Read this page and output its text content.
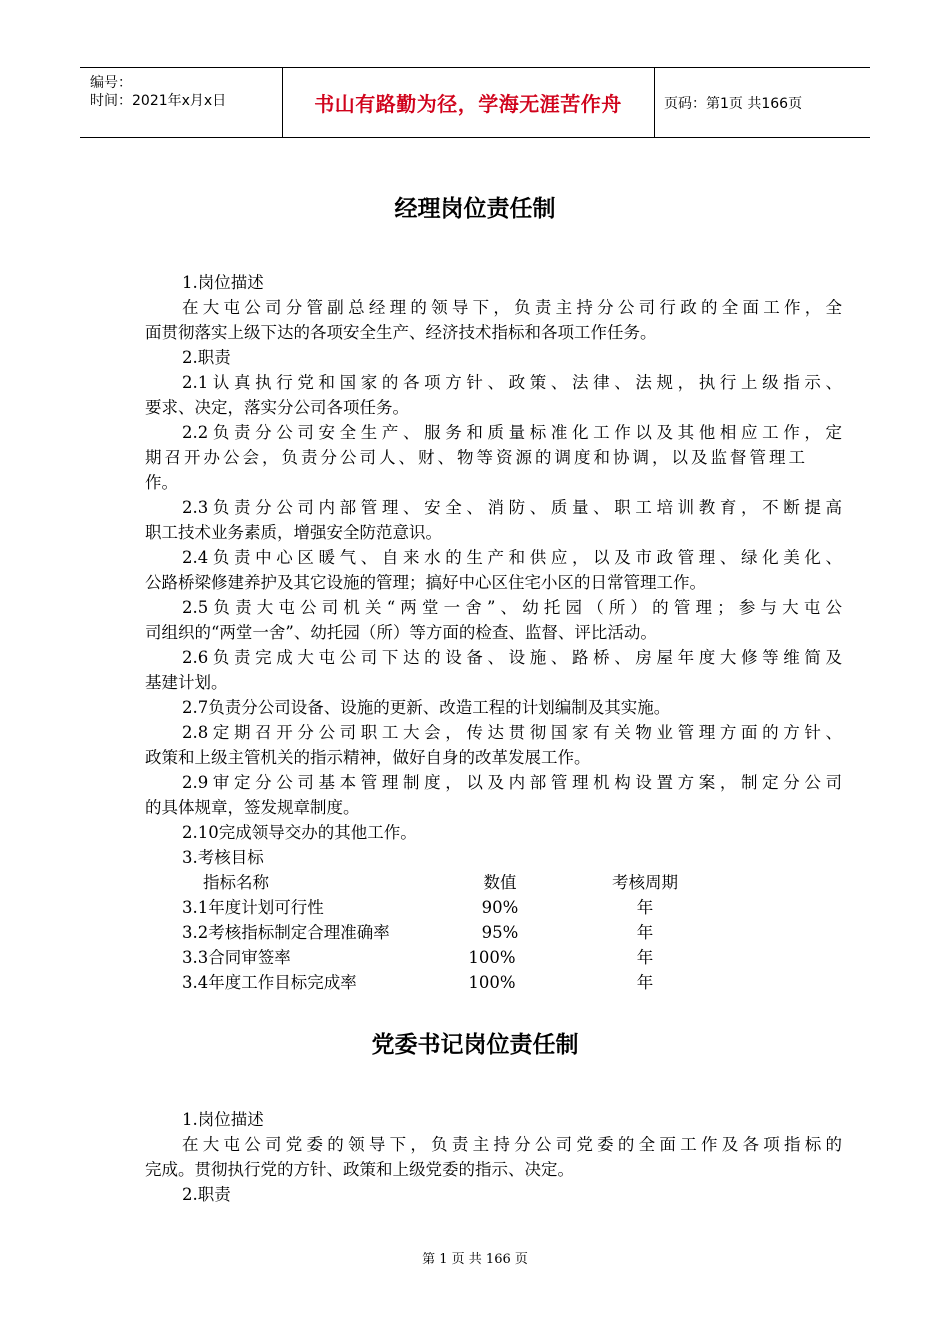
编号：
时间：2021年x月x日	书山有路勤为径，学海无涯苦作舟	页码：第1页 共166页
经理岗位责任制
1.岗位描述
在大屯公司分管副总经理的领导下，负责主持分公司行政的全面工作，全
面贯彻落实上级下达的各项安全生产、经济技术指标和各项工作任务。
2.职责
2.1认真执行党和国家的各项方针、政策、法律、法规，执行上级指示、
要求、决定，落实分公司各项任务。
2.2负责分公司安全生产、服务和质量标准化工作以及其他相应工作，定
期召开办公会，负责分公司人、财、物等资源的调度和协调，以及监督管理工
作。
2.3负责分公司内部管理、安全、消防、质量、职工培训教育，不断提高
职工技术业务素质，增强安全防范意识。
2.4负责中心区暖气、自来水的生产和供应，以及市政管理、绿化美化、
公路桥梁修建养护及其它设施的管理；搞好中心区住宅小区的日常管理工作。
2.5负责大屯公司机关“两堂一舍”、幼托园（所）的管理；参与大屯公
司组织的“两堂一舍”、幼托园（所）等方面的检查、监督、评比活动。
2.6负责完成大屯公司下达的设备、设施、路桥、房屋年度大修等维简及
基建计划。
2.7负责分公司设备、设施的更新、改造工程的计划编制及其实施。
2.8定期召开分公司职工大会，传达贯彻国家有关物业管理方面的方针、
政策和上级主管机关的指示精神，做好自身的改革发展工作。
2.9审定分公司基本管理制度，以及内部管理机构设置方案，制定分公司
的具体规章，签发规章制度。
2.10完成领导交办的其他工作。
3.考核目标
指标名称	数值	考核周期
3.1年度计划可行性	90%	年
3.2考核指标制定合理准确率	95%	年
3.3合同审签率	100%	年
3.4年度工作目标完成率	100%	年
党委书记岗位责任制
1.岗位描述
在大屯公司党委的领导下，负责主持分公司党委的全面工作及各项指标的
完成。贯彻执行党的方针、政策和上级党委的指示、决定。
2.职责
第 1 页 共 166 页
